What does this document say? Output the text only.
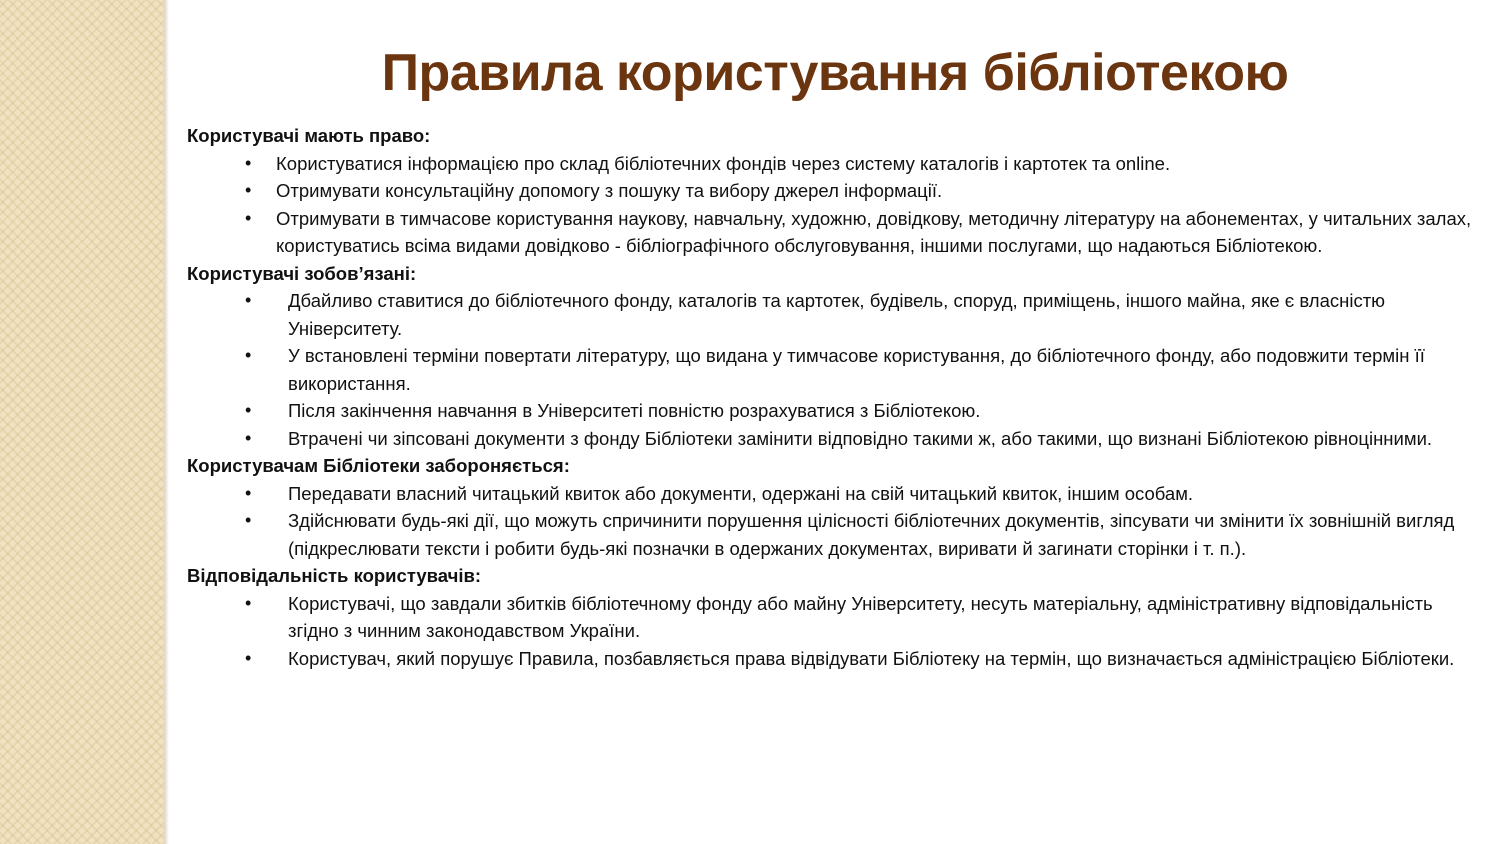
Правила користування бібліотекою

Користувачі мають право:

• Користуватися інформацією про склад бібліотечних фондів через систему каталогів і картотек та online.
• Отримувати консультаційну допомогу з пошуку та вибору джерел інформації.
• Отримувати в тимчасове користування наукову, навчальну, художню, довідкову, методичну літературу на абонементах, у читальних залах, користуватись всіма видами довідково - бібліографічного обслуговування, іншими послугами, що надаються Бібліотекою.

Користувачі зобов’язані:

• Дбайливо ставитися до бібліотечного фонду, каталогів та картотек, будівель, споруд, приміщень, іншого майна, яке є власністю Університету.
• У встановлені терміни повертати літературу, що видана у тимчасове користування, до бібліотечного фонду, або подовжити термін її використання.
• Після закінчення навчання в Університеті повністю розрахуватися з Бібліотекою.
• Втрачені чи зіпсовані документи з фонду Бібліотеки замінити відповідно такими ж, або такими, що визнані Бібліотекою рівноцінними.

Користувачам Бібліотеки забороняється:

• Передавати власний читацький квиток або документи, одержані на свій читацький квиток, іншим особам.
• Здійснювати будь-які дії, що можуть спричинити порушення цілісності бібліотечних документів, зіпсувати чи змінити їх зовнішній вигляд (підкреслювати тексти і робити будь-які позначки в одержаних документах, виривати й загинати сторінки і т. п.).

Відповідальність користувачів:

• Користувачі, що завдали збитків бібліотечному фонду або майну Університету, несуть матеріальну, адміністративну відповідальність згідно з чинним законодавством України.
• Користувач, який порушує Правила, позбавляється права відвідувати Бібліотеку на термін, що визначається адміністрацією Бібліотеки.
